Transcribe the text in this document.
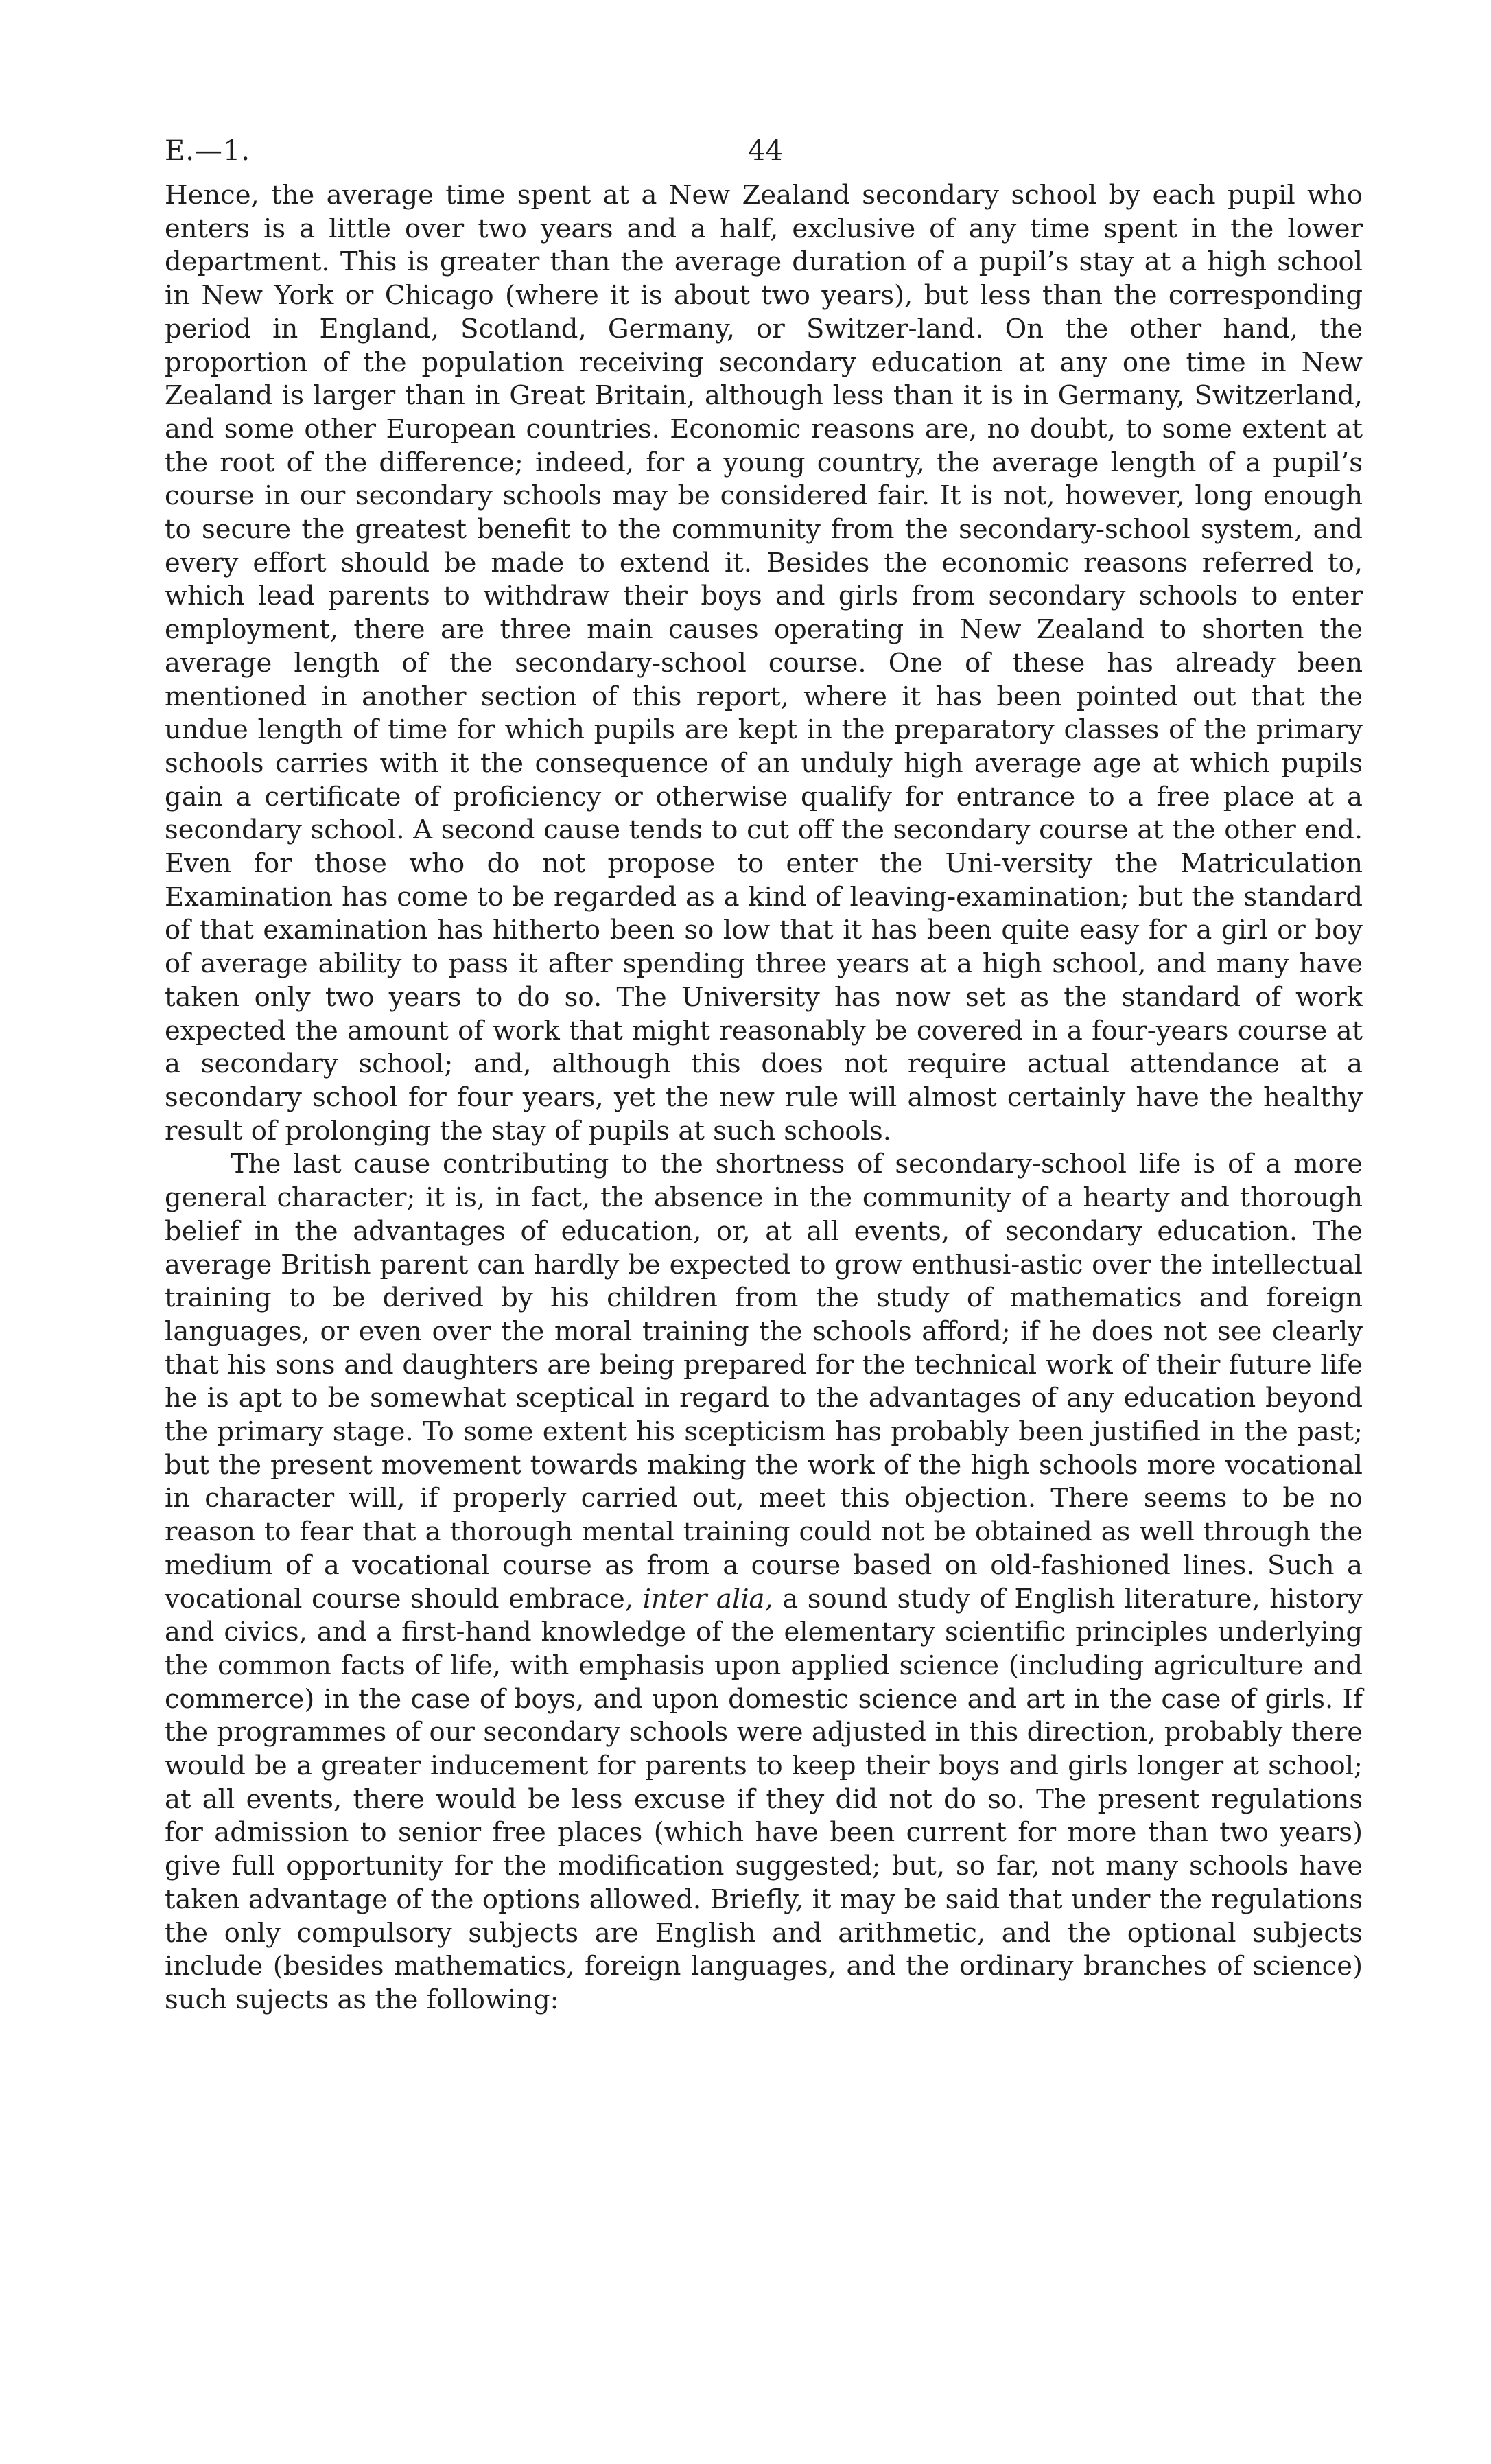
E.—1.	44

Hence, the average time spent at a New Zealand secondary school by each pupil who enters is a little over two years and a half, exclusive of any time spent in the lower department. This is greater than the average duration of a pupil’s stay at a high school in New York or Chicago (where it is about two years), but less than the corresponding period in England, Scotland, Germany, or Switzer-land. On the other hand, the proportion of the population receiving secondary education at any one time in New Zealand is larger than in Great Britain, although less than it is in Germany, Switzerland, and some other European countries. Economic reasons are, no doubt, to some extent at the root of the difference; indeed, for a young country, the average length of a pupil’s course in our secondary schools may be considered fair. It is not, however, long enough to secure the greatest benefit to the community from the secondary-school system, and every effort should be made to extend it. Besides the economic reasons referred to, which lead parents to withdraw their boys and girls from secondary schools to enter employment, there are three main causes operating in New Zealand to shorten the average length of the secondary-school course. One of these has already been mentioned in another section of this report, where it has been pointed out that the undue length of time for which pupils are kept in the preparatory classes of the primary schools carries with it the consequence of an unduly high average age at which pupils gain a certificate of proficiency or otherwise qualify for entrance to a free place at a secondary school. A second cause tends to cut off the secondary course at the other end. Even for those who do not propose to enter the Uni-versity the Matriculation Examination has come to be regarded as a kind of leaving-examination; but the standard of that examination has hitherto been so low that it has been quite easy for a girl or boy of average ability to pass it after spending three years at a high school, and many have taken only two years to do so. The University has now set as the standard of work expected the amount of work that might reasonably be covered in a four-years course at a secondary school; and, although this does not require actual attendance at a secondary school for four years, yet the new rule will almost certainly have the healthy result of prolonging the stay of pupils at such schools.

The last cause contributing to the shortness of secondary-school life is of a more general character; it is, in fact, the absence in the community of a hearty and thorough belief in the advantages of education, or, at all events, of secondary education. The average British parent can hardly be expected to grow enthusi-astic over the intellectual training to be derived by his children from the study of mathematics and foreign languages, or even over the moral training the schools afford; if he does not see clearly that his sons and daughters are being prepared for the technical work of their future life he is apt to be somewhat sceptical in regard to the advantages of any education beyond the primary stage. To some extent his scepticism has probably been justified in the past; but the present movement towards making the work of the high schools more vocational in character will, if properly carried out, meet this objection. There seems to be no reason to fear that a thorough mental training could not be obtained as well through the medium of a vocational course as from a course based on old-fashioned lines. Such a vocational course should embrace, inter alia, a sound study of English literature, history and civics, and a first-hand knowledge of the elementary scientific principles underlying the common facts of life, with emphasis upon applied science (including agriculture and commerce) in the case of boys, and upon domestic science and art in the case of girls. If the programmes of our secondary schools were adjusted in this direction, probably there would be a greater inducement for parents to keep their boys and girls longer at school; at all events, there would be less excuse if they did not do so. The present regulations for admission to senior free places (which have been current for more than two years) give full opportunity for the modification suggested; but, so far, not many schools have taken advantage of the options allowed. Briefly, it may be said that under the regulations the only compulsory subjects are English and arithmetic, and the optional subjects include (besides mathematics, foreign languages, and the ordinary branches of science) such sujects as the following:
